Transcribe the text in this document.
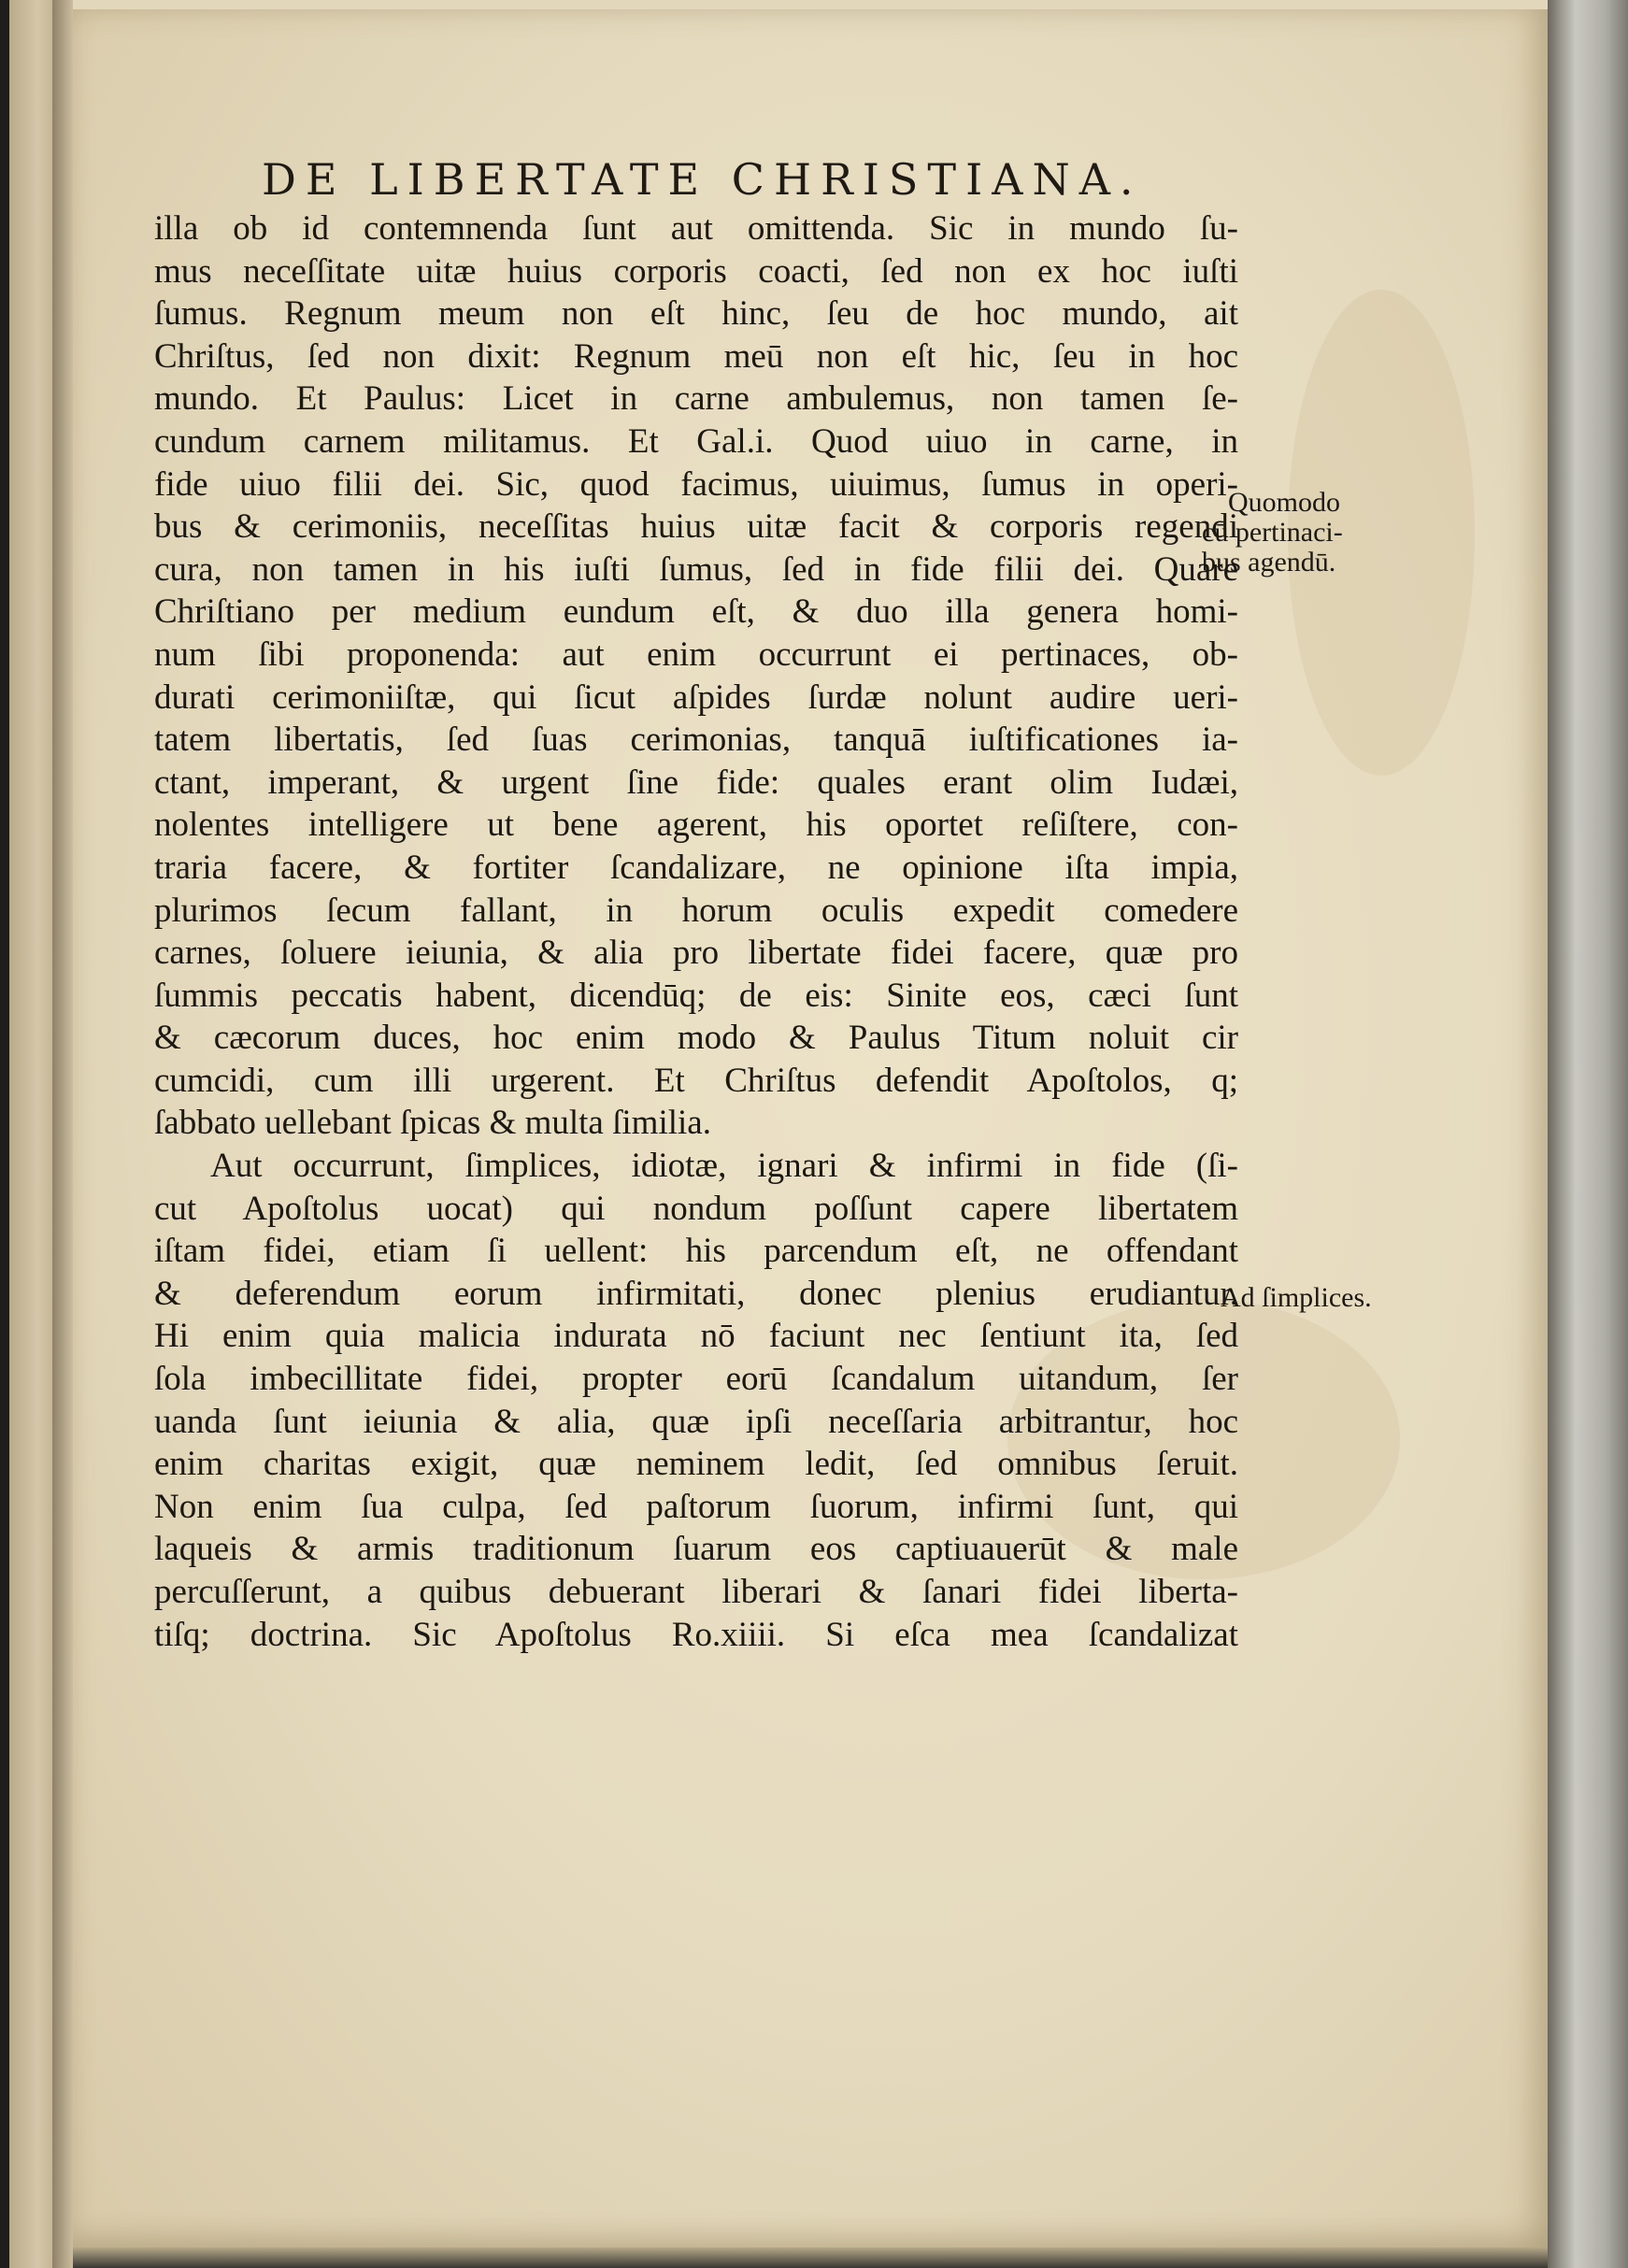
DE LIBERTATE CHRISTIANA.
illa ob id contemnenda ſunt aut omittenda. Sic in mundo ſu-
mus neceſſitate uitæ huius corporis coacti, ſed non ex hoc iuſti
ſumus. Regnum meum non eſt hinc, ſeu de hoc mundo, ait
Chriſtus, ſed non dixit: Regnum meū non eſt hic, ſeu in hoc
mundo. Et Paulus: Licet in carne ambulemus, non tamen ſe-
cundum carnem militamus. Et Gal.i. Quod uiuo in carne, in
fide uiuo filii dei. Sic, quod facimus, uiuimus, ſumus in operi-
bus & cerimoniis, neceſſitas huius uitæ facit & corporis regendi
cura, non tamen in his iuſti ſumus, ſed in fide filii dei. Quare
Chriſtiano per medium eundum eſt, & duo illa genera homi-
num ſibi proponenda: aut enim occurrunt ei pertinaces, ob-
durati cerimoniiſtæ, qui ſicut aſpides ſurdæ nolunt audire ueri-
tatem libertatis, ſed ſuas cerimonias, tanquā iuſtificationes ia-
ctant, imperant, & urgent ſine fide: quales erant olim Iudæi,
nolentes intelligere ut bene agerent, his oportet reſiſtere, con-
traria facere, & fortiter ſcandalizare, ne opinione iſta impia,
plurimos ſecum fallant, in horum oculis expedit comedere
carnes, ſoluere ieiunia, & alia pro libertate fidei facere, quæ pro
ſummis peccatis habent, dicendūq; de eis: Sinite eos, cæci ſunt
& cæcorum duces, hoc enim modo & Paulus Titum noluit cir
cumcidi, cum illi urgerent. Et Chriſtus defendit Apoſtolos, q;
ſabbato uellebant ſpicas & multa ſimilia.
Aut occurrunt, ſimplices, idiotæ, ignari & infirmi in fide (ſi-
cut Apoſtolus uocat) qui nondum poſſunt capere libertatem
iſtam fidei, etiam ſi uellent: his parcendum eſt, ne offendant
& deferendum eorum infirmitati, donec plenius erudiantur.
Hi enim quia malicia indurata nō faciunt nec ſentiunt ita, ſed
ſola imbecillitate fidei, propter eorū ſcandalum uitandum, ſer
uanda ſunt ieiunia & alia, quæ ipſi neceſſaria arbitrantur, hoc
enim charitas exigit, quæ neminem ledit, ſed omnibus ſeruit.
Non enim ſua culpa, ſed paſtorum ſuorum, infirmi ſunt, qui
laqueis & armis traditionum ſuarum eos captiuauerūt & male
percuſſerunt, a quibus debuerant liberari & ſanari fidei liberta-
tiſq; doctrina. Sic Apoſtolus Ro.xiiii. Si eſca mea ſcandalizat
Quomodo
cū pertinaci-
bus agendū.
Ad ſimplices.
